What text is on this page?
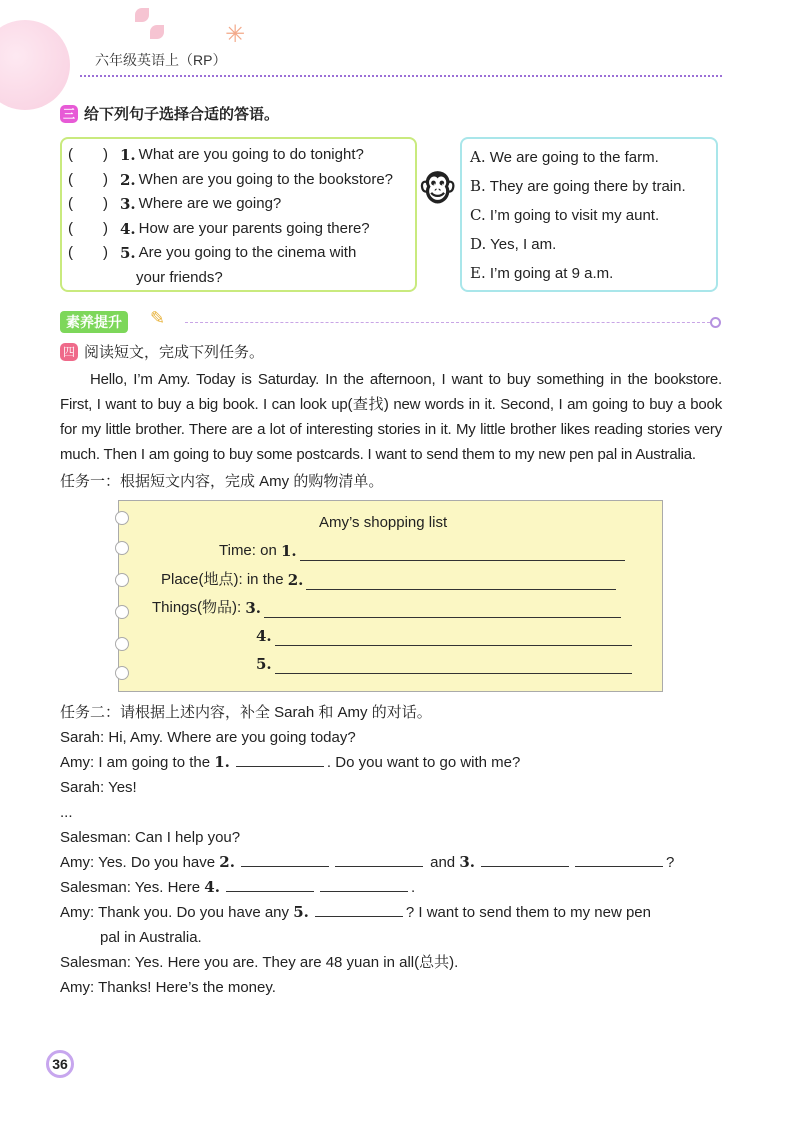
✳
六年级英语上（RP）
三 给下列句子选择合适的答语。
(　　) 1. What are you going to do tonight?
(　　) 2. When are you going to the bookstore?
(　　) 3. Where are we going?
(　　) 4. How are your parents going there?
(　　) 5. Are you going to the cinema with
your friends?
🐵
A. We are going to the farm.
B. They are going there by train.
C. I’m going to visit my aunt.
D. Yes, I am.
E. I’m going at 9 a.m.
素养提升	✎
四 阅读短文，完成下列任务。
Hello, I’m Amy. Today is Saturday. In the afternoon, I want to buy something in the bookstore. First, I want to buy a big book. I can look up(查找) new words in it. Second, I am going to buy a book for my little brother. There are a lot of interesting stories in it. My little brother likes reading stories very much. Then I am going to buy some postcards. I want to send them to my new pen pal in Australia.
任务一：根据短文内容，完成 Amy 的购物清单。
Amy’s shopping list
Time: on
1.
Place(地点): in the
2.
Things(物品):
3.
4.
5.
任务二：请根据上述内容，补全 Sarah 和 Amy 的对话。
Sarah: Hi, Amy. Where are you going today?
Amy: I am going to the 1.	. Do you want to go with me?
Sarah: Yes!
...
Salesman: Can I help you?
Amy: Yes. Do you have 2.	and 3.	?
Salesman: Yes. Here 4.	.
Amy: Thank you. Do you have any 5.	? I want to send them to my new pen
pal in Australia.
Salesman: Yes. Here you are. They are 48 yuan in all(总共).
Amy: Thanks! Here’s the money.
36
